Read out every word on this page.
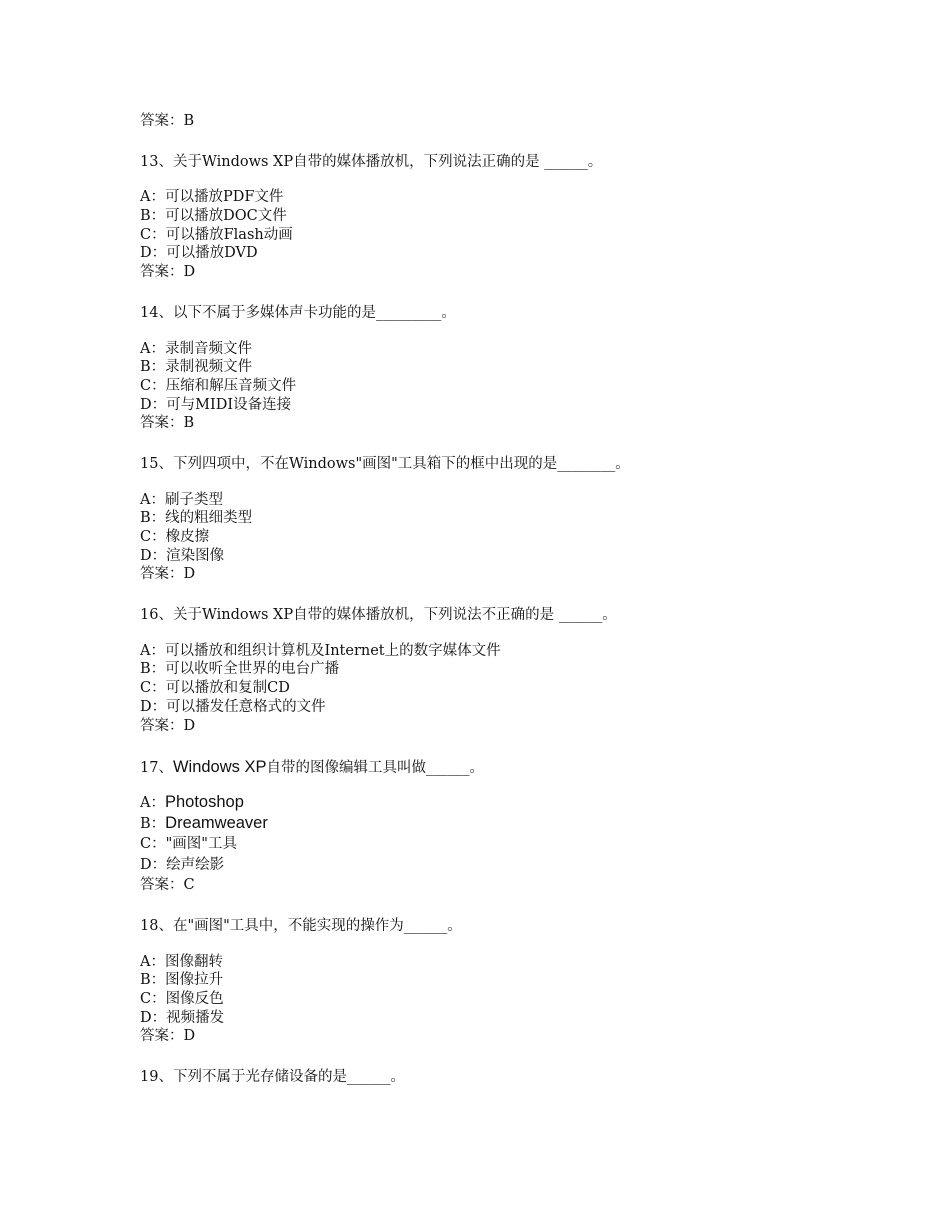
答案：B
13、关于Windows XP自带的媒体播放机，下列说法正确的是 ______。
A：可以播放PDF文件
B：可以播放DOC文件
C：可以播放Flash动画
D：可以播放DVD
答案：D
14、以下不属于多媒体声卡功能的是_________。
A：录制音频文件
B：录制视频文件
C：压缩和解压音频文件
D：可与MIDI设备连接
答案：B
15、下列四项中，不在Windows"画图"工具箱下的框中出现的是________。
A：刷子类型
B：线的粗细类型
C：橡皮擦
D：渲染图像
答案：D
16、关于Windows XP自带的媒体播放机，下列说法不正确的是 ______。
A：可以播放和组织计算机及Internet上的数字媒体文件
B：可以收听全世界的电台广播
C：可以播放和复制CD
D：可以播发任意格式的文件
答案：D
17、Windows XP自带的图像编辑工具叫做______。
A：Photoshop
B：Dreamweaver
C："画图"工具
D：绘声绘影
答案：C
18、在"画图"工具中，不能实现的操作为______。
A：图像翻转
B：图像拉升
C：图像反色
D：视频播发
答案：D
19、下列不属于光存储设备的是______。
